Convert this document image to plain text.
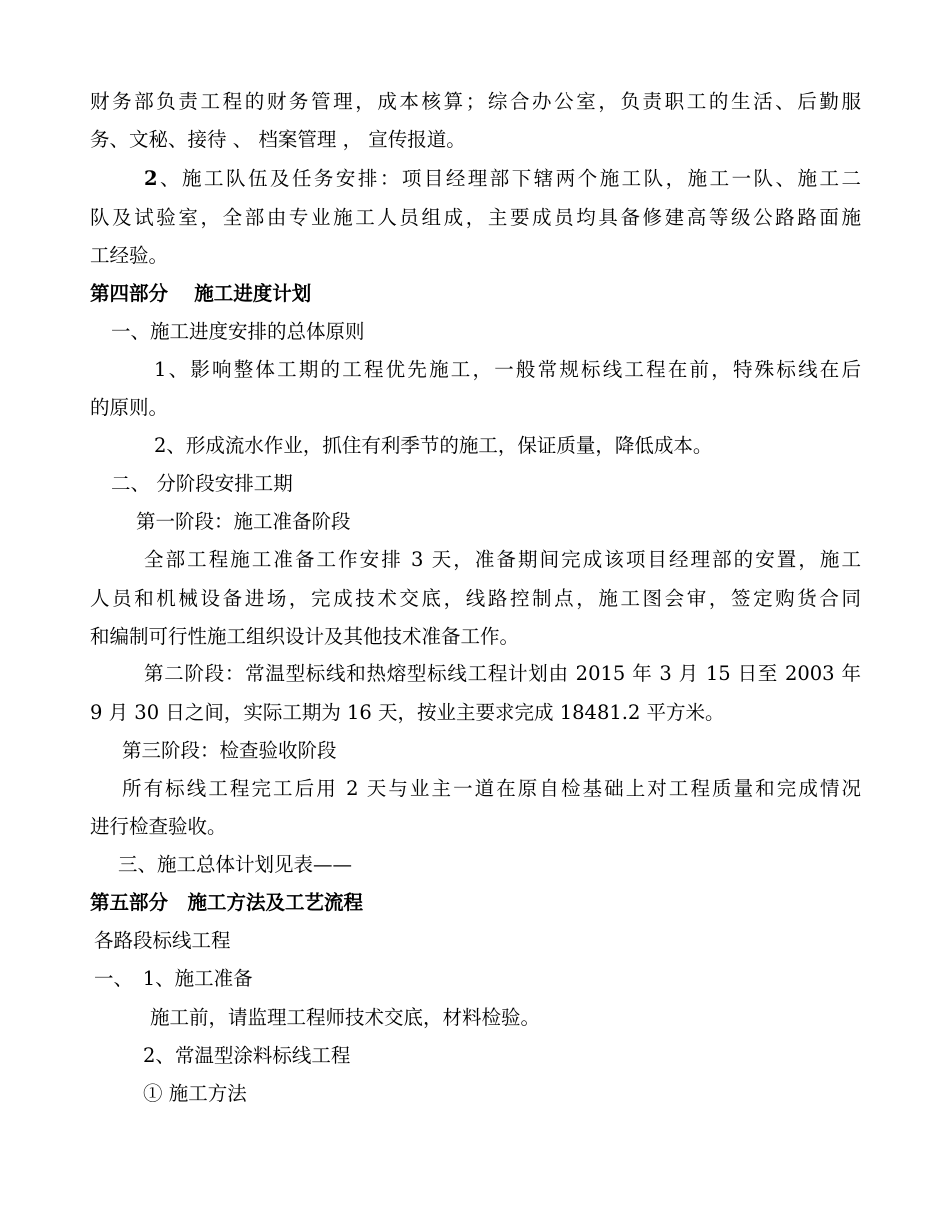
财务部负责工程的财务管理，成本核算；综合办公室，负责职工的生活、后勤服
务、文秘、接待 、 档案管理 ， 宣传报道。
2、施工队伍及任务安排：项目经理部下辖两个施工队，施工一队、施工二
队及试验室，全部由专业施工人员组成，主要成员均具备修建高等级公路路面施
工经验。
第四部分　 施工进度计划
一、施工进度安排的总体原则
1、影响整体工期的工程优先施工，一般常规标线工程在前，特殊标线在后
的原则。
2、形成流水作业，抓住有利季节的施工，保证质量，降低成本。
二、 分阶段安排工期
第一阶段：施工准备阶段
全部工程施工准备工作安排 3 天，准备期间完成该项目经理部的安置，施工
人员和机械设备进场，完成技术交底，线路控制点，施工图会审，签定购货合同
和编制可行性施工组织设计及其他技术准备工作。
第二阶段：常温型标线和热熔型标线工程计划由 2015 年 3 月 15 日至 2003 年
9 月 30 日之间，实际工期为 16 天，按业主要求完成 18481.2 平方米。
第三阶段：检查验收阶段
所有标线工程完工后用 2 天与业主一道在原自检基础上对工程质量和完成情况
进行检查验收。
三、施工总体计划见表——
第五部分　施工方法及工艺流程
各路段标线工程
一、　1、施工准备
施工前，请监理工程师技术交底，材料检验。
2、常温型涂料标线工程
① 施工方法
